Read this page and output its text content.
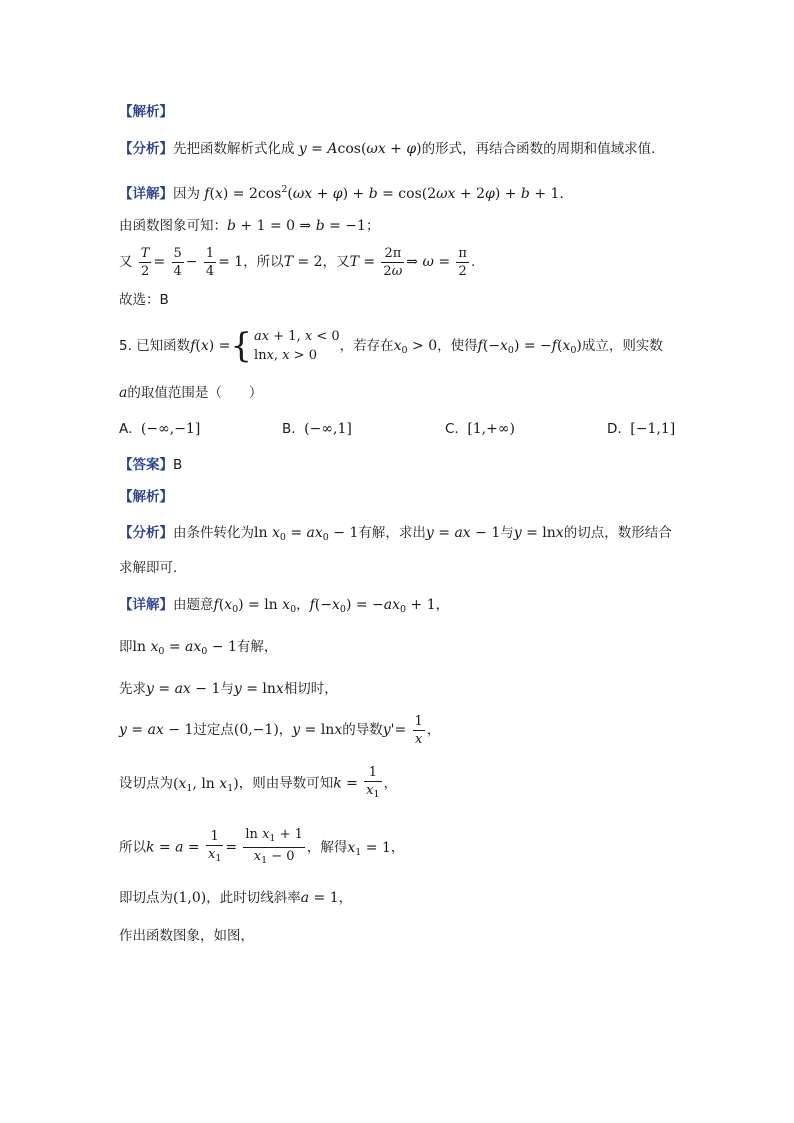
【解析】
【分析】先把函数解析式化成 y = Acos(ωx + φ)的形式，再结合函数的周期和值域求值.
【详解】因为 $f(x) = 2\cos^2(\omega x + \varphi) + b = \cos(2\omega x + 2\varphi) + b + 1$.
由函数图象可知：b + 1 = 0 ⇒ b = −1；
又 $\frac{T}{2} = \frac{5}{4} - \frac{1}{4} = 1$，所以T = 2，又$T = \frac{2\pi}{2\omega}$ ⇒ $\omega = \frac{\pi}{2}$ .
故选：B
5. 已知函数f(x) ={ ax + 1, x < 0
lnx, x > 0，若存在$x_0 > 0$，使得$f(-x_0) = -f(x_0)$成立，则实数
a的取值范围是（　　）
A. (−∞,−1]	B. (−∞,1]	C. [1,+∞)	D. [−1,1]
【答案】B
【解析】
【分析】由条件转化为$\ln x_0 = ax_0 - 1$有解，求出y = ax − 1与y = lnx的切点，数形结合
求解即可.
【详解】由题意$f(x_0) = \ln x_0$，$f(-x_0) = -ax_0 + 1$，
即$\ln x_0 = ax_0 - 1$有解，
先求y = ax − 1与y = lnx相切时，
y = ax − 1过定点(0,−1)，y = lnx的导数$y'= \frac{1}{x}$ ，
设切点为($x_1$, $\ln x_1$)，则由导数可知$k = \frac{1}{x_1}$ ，
所以$k = a = \frac{1}{x_1} = \frac{\ln x_1 + 1}{x_1 - 0}$ ，解得$x_1 = 1$，
即切点为(1,0)，此时切线斜率a = 1，
作出函数图象，如图，
